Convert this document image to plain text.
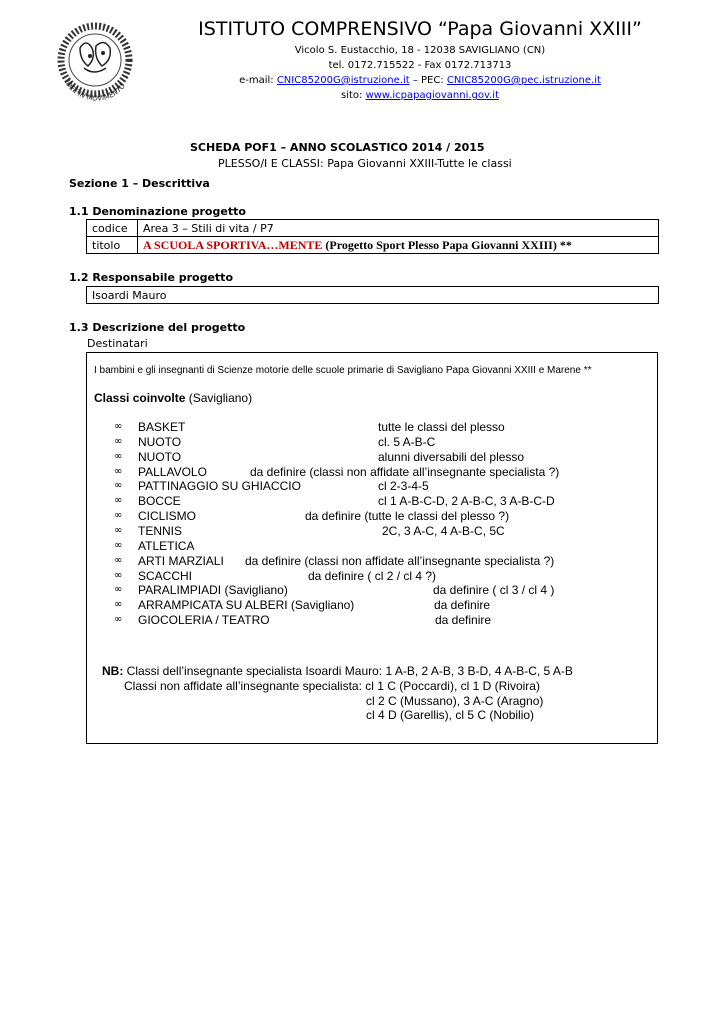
IDEE IN MOVIMENTO
ISTITUTO COMPRENSIVO “Papa Giovanni XXIII”
Vicolo S. Eustacchio, 18 - 12038 SAVIGLIANO (CN)
tel. 0172.715522 - Fax 0172.713713
e-mail: CNIC85200G@istruzione.it – PEC: CNIC85200G@pec.istruzione.it
sito: www.icpapagiovanni.gov.it
SCHEDA POF1 – ANNO SCOLASTICO 2014 / 2015
PLESSO/I E CLASSI: Papa Giovanni XXIII-Tutte le classi
Sezione 1 – Descrittiva
1.1 Denominazione progetto
codice	Area 3 – Stili di vita / P7
titolo	A SCUOLA SPORTIVA…MENTE (Progetto Sport Plesso Papa Giovanni XXIII) **
1.2 Responsabile progetto
Isoardi Mauro
1.3 Descrizione del progetto
Destinatari
I bambini e gli insegnanti di Scienze motorie delle scuole primarie di Savigliano Papa Giovanni XXIII e Marene **
Classi coinvolte (Savigliano)
∞ BASKET	tutte le classi del plesso
∞ NUOTO	cl. 5 A-B-C
∞ NUOTO	alunni diversabili del plesso
∞ PALLAVOLO	da definire (classi non affidate all’insegnante specialista ?)
∞ PATTINAGGIO SU GHIACCIO	cl 2-3-4-5
∞ BOCCE	cl 1 A-B-C-D, 2 A-B-C, 3 A-B-C-D
∞ CICLISMO	da definire (tutte le classi del plesso ?)
∞ TENNIS	2C, 3 A-C, 4 A-B-C, 5C
∞ ATLETICA
∞ ARTI MARZIALI da definire (classi non affidate all’insegnante specialista ?)
∞ SCACCHI	da definire ( cl 2 / cl 4 ?)
∞ PARALIMPIADI (Savigliano)	da definire ( cl 3 / cl 4 )
∞ ARRAMPICATA SU ALBERI (Savigliano)	da definire
∞ GIOCOLERIA / TEATRO	da definire
NB: Classi dell’insegnante specialista Isoardi Mauro: 1 A-B, 2 A-B, 3 B-D, 4 A-B-C, 5 A-B
Classi non affidate all’insegnante specialista: cl 1 C (Poccardi), cl 1 D (Rivoira)
cl 2 C (Mussano), 3 A-C (Aragno)
cl 4 D (Garellis), cl 5 C (Nobilio)
